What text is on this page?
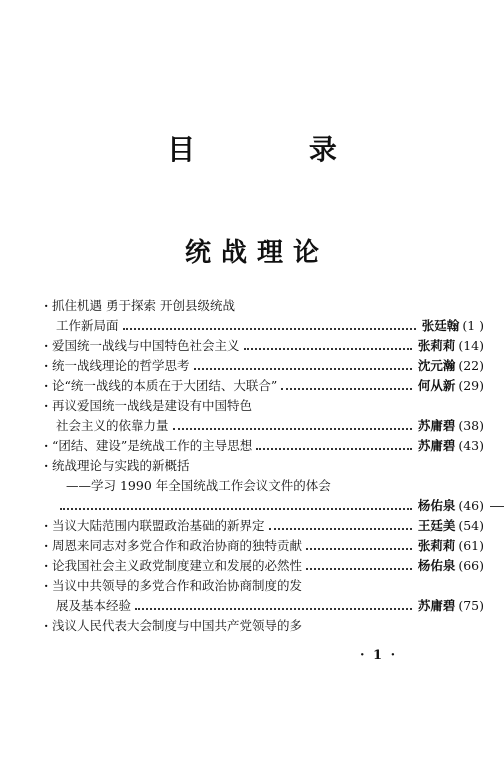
目 录
统战理论
· 抓住机遇 勇于探索 开创县级统战
工作新局面	张廷翰 (1 )
· 爱国统一战线与中国特色社会主义	张莉莉 (14)
· 统一战线理论的哲学思考	沈元瀚 (22)
· 论“统一战线的本质在于大团结、大联合”	何从新 (29)
· 再议爱国统一战线是建设有中国特色
社会主义的依靠力量	苏庸碧 (38)
· “团结、建设”是统战工作的主导思想	苏庸碧 (43)
· 统战理论与实践的新概括
——学习 1990 年全国统战工作会议文件的体会
杨佑泉 (46)
· 当议大陆范围内联盟政治基础的新界定	王廷美 (54)
· 周恩来同志对多党合作和政治协商的独特贡献	张莉莉 (61)
· 论我国社会主义政党制度建立和发展的必然性	杨佑泉 (66)
· 当议中共领导的多党合作和政治协商制度的发
展及基本经验	苏庸碧 (75)
· 浅议人民代表大会制度与中国共产党领导的多
· 1 ·
